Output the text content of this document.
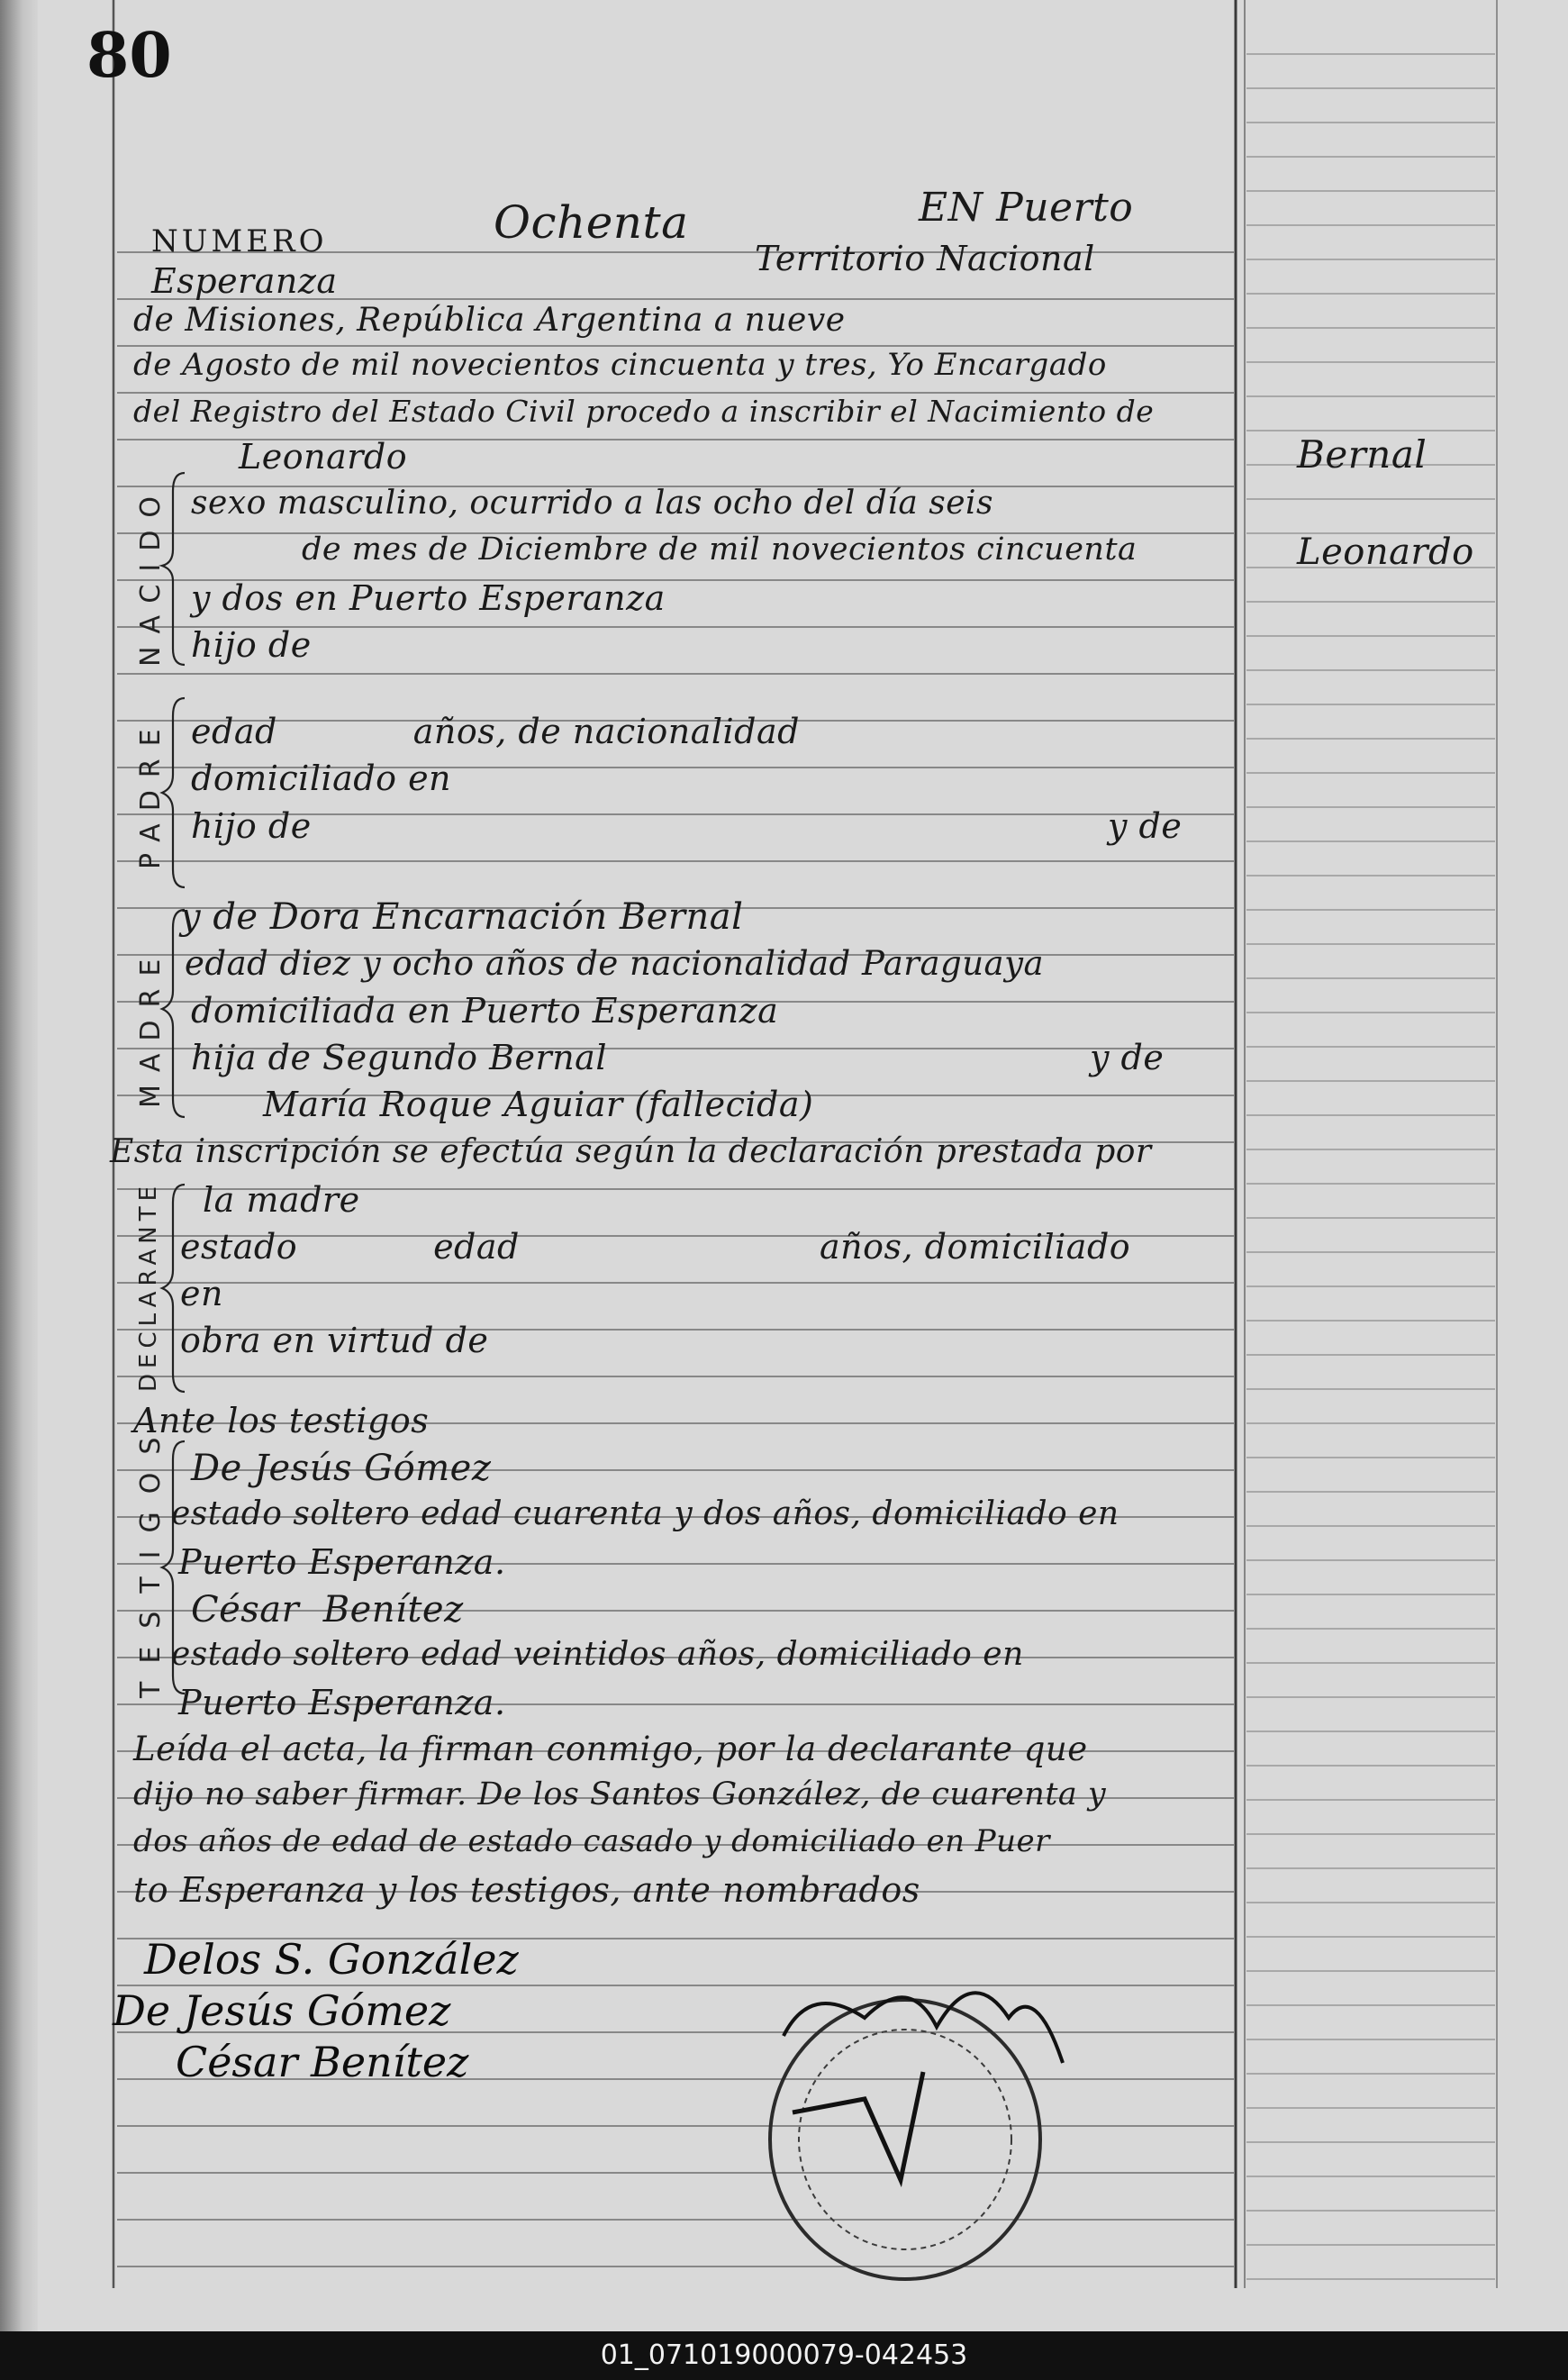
80
NUMERO	Ochenta	EN Puerto
Esperanza
Territorio Nacional
de Misiones, República Argentina a nueve
de Agosto de mil novecientos cincuenta y tres, Yo Encargado
del Registro del Estado Civil procedo a inscribir el Nacimiento de
Bernal
Leonardo
NACIDO
PADRE
MADRE
DECLARANTE
TESTIGOS
Leonardo
sexo masculino, ocurrido a las ocho del día seis
de mes de Diciembre de mil novecientos cincuenta
y dos en Puerto Esperanza
hijo de
edad            años, de nacionalidad
domiciliado en
hijo de	y de
y de Dora Encarnación Bernal
edad diez y ocho años de nacionalidad Paraguaya
domiciliada en Puerto Esperanza
hija de Segundo Bernal	y de
María Roque Aguiar (fallecida)
Esta inscripción se efectúa según la declaración prestada por
la madre
estado            edad	años, domiciliado
en
obra en virtud de
Ante los testigos
De Jesús Gómez
estado soltero edad cuarenta y dos años, domiciliado en
Puerto Esperanza.
César  Benítez
estado soltero edad veintidos años, domiciliado en
Puerto Esperanza.
Leída el acta, la firman conmigo, por la declarante que
dijo no saber firmar. De los Santos González, de cuarenta y
dos años de edad de estado casado y domiciliado en Puer
to Esperanza y los testigos, ante nombrados
Delos S. González
De Jesús Gómez
César Benítez
01_071019000079-042453
